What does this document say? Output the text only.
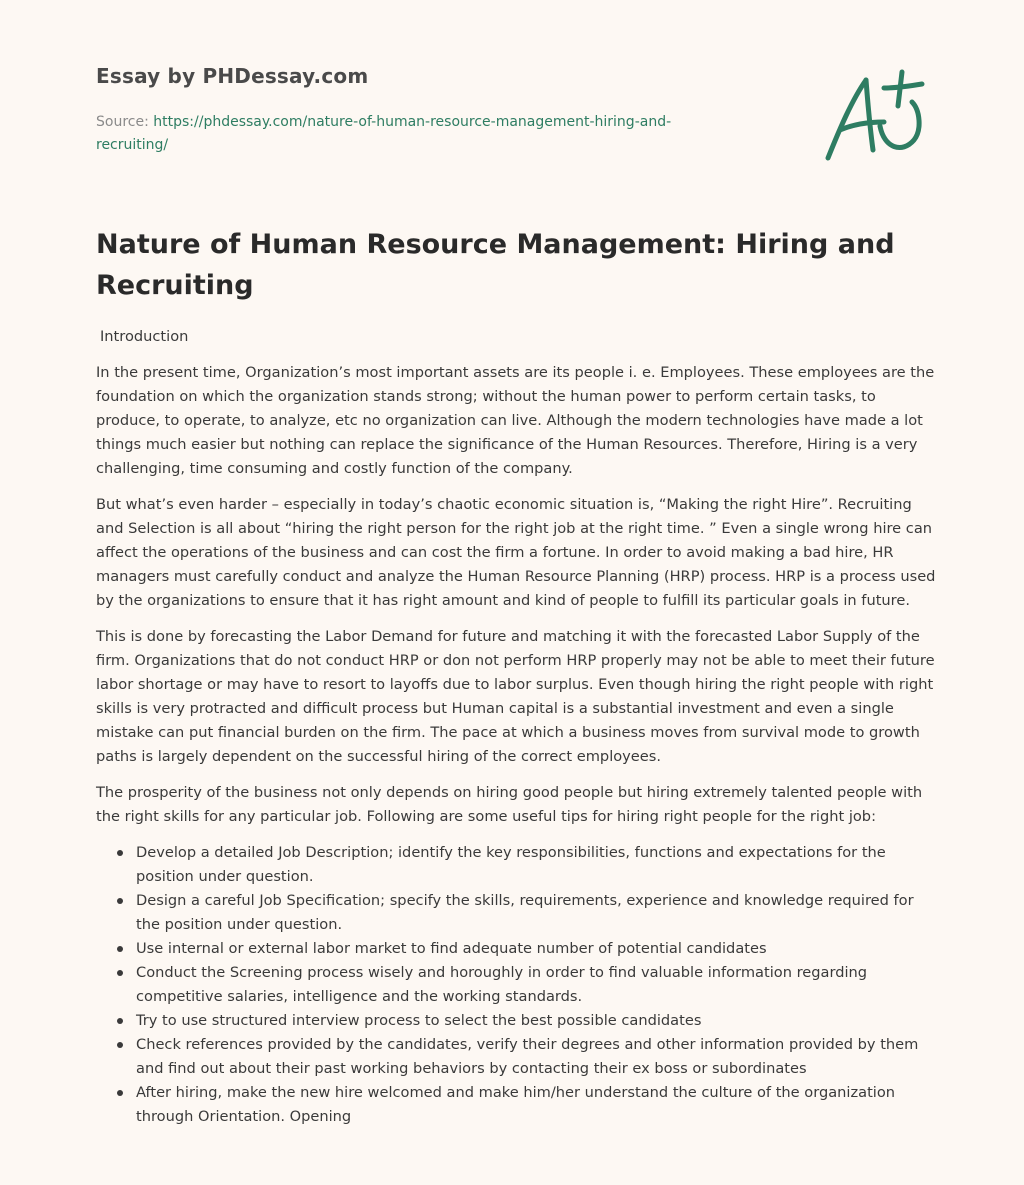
Essay by PHDessay.com
Source: https://phdessay.com/nature-of-human-resource-management-hiring-and-recruiting/
Nature of Human Resource Management: Hiring and Recruiting

Introduction

In the present time, Organization’s most important assets are its people i. e. Employees. These employees are the foundation on which the organization stands strong; without the human power to perform certain tasks, to produce, to operate, to analyze, etc no organization can live. Although the modern technologies have made a lot things much easier but nothing can replace the significance of the Human Resources. Therefore, Hiring is a very challenging, time consuming and costly function of the company.

But what’s even harder – especially in today’s chaotic economic situation is, “Making the right Hire”. Recruiting and Selection is all about “hiring the right person for the right job at the right time. ” Even a single wrong hire can affect the operations of the business and can cost the firm a fortune. In order to avoid making a bad hire, HR managers must carefully conduct and analyze the Human Resource Planning (HRP) process. HRP is a process used by the organizations to ensure that it has right amount and kind of people to fulfill its particular goals in future.

This is done by forecasting the Labor Demand for future and matching it with the forecasted Labor Supply of the firm. Organizations that do not conduct HRP or don not perform HRP properly may not be able to meet their future labor shortage or may have to resort to layoffs due to labor surplus. Even though hiring the right people with right skills is very protracted and difficult process but Human capital is a substantial investment and even a single mistake can put financial burden on the firm. The pace at which a business moves from survival mode to growth paths is largely dependent on the successful hiring of the correct employees.

The prosperity of the business not only depends on hiring good people but hiring extremely talented people with the right skills for any particular job. Following are some useful tips for hiring right people for the right job:

Develop a detailed Job Description; identify the key responsibilities, functions and expectations for the position under question.
Design a careful Job Specification; specify the skills, requirements, experience and knowledge required for the position under question.
Use internal or external labor market to find adequate number of potential candidates
Conduct the Screening process wisely and horoughly in order to find valuable information regarding competitive salaries, intelligence and the working standards.
Try to use structured interview process to select the best possible candidates
Check references provided by the candidates, verify their degrees and other information provided by them and find out about their past working behaviors by contacting their ex boss or subordinates
After hiring, make the new hire welcomed and make him/her understand the culture of the organization through Orientation. Opening
